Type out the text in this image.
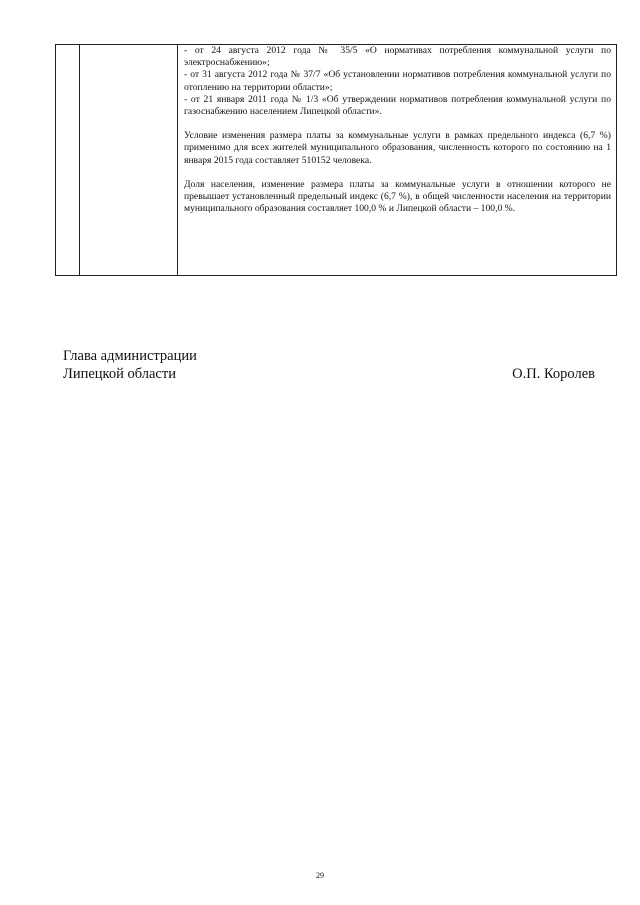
- от 24 августа 2012 года № 35/5 «О нормативах потребления коммунальной услуги по электроснабжению»;

- от 31 августа 2012 года № 37/7 «Об установлении нормативов потребления коммунальной услуги по отоплению на территории области»;

- от 21 января 2011 года № 1/3 «Об утверждении нормативов потребления коммунальной услуги по газоснабжению населением Липецкой области».

Условие изменения размера платы за коммунальные услуги в рамках предельного индекса (6,7 %) применимо для всех жителей муниципального образования, численность которого по состоянию на 1 января 2015 года составляет 510152 человека.

Доля населения, изменение размера платы за коммунальные услуги в отношении которого не превышает установленный предельный индекс (6,7 %), в общей численности населения на территории муниципального образования составляет 100,0 % и Липецкой области – 100,0 %.

Глава администрации
Липецкой области	О.П. Королев
29
